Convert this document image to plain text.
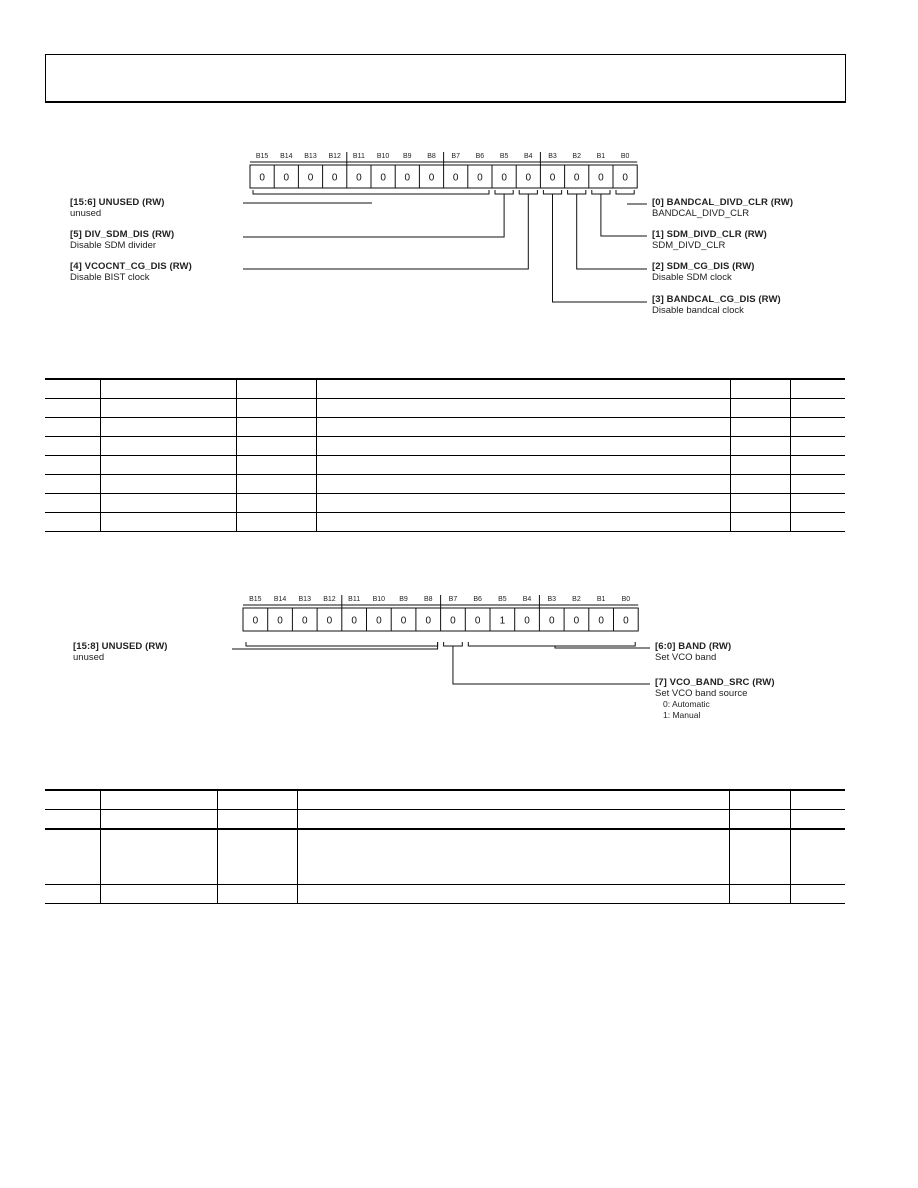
B15 B14 B13 B12 B11 B10 B9 B8 B7 B6 B5 B4 B3 B2 B1 B0
0 0 0 0 0 0 0 0 0 0 0 0 0 0 0 0
[15:6] UNUSED (RW)
unused
[5] DIV_SDM_DIS (RW)
Disable SDM divider
[4] VCOCNT_CG_DIS (RW)
Disable BIST clock
[0] BANDCAL_DIVD_CLR (RW)
BANDCAL_DIVD_CLR
[1] SDM_DIVD_CLR (RW)
SDM_DIVD_CLR
[2] SDM_CG_DIS (RW)
Disable SDM clock
[3] BANDCAL_CG_DIS (RW)
Disable bandcal clock

B15 B14 B13 B12 B11 B10 B9 B8 B7 B6 B5 B4 B3 B2 B1 B0
0 0 0 0 0 0 0 0 0 0 1 0 0 0 0 0
[15:8] UNUSED (RW)
unused
[6:0] BAND (RW)
Set VCO band
[7] VCO_BAND_SRC (RW)
Set VCO band source
0: Automatic
1: Manual
